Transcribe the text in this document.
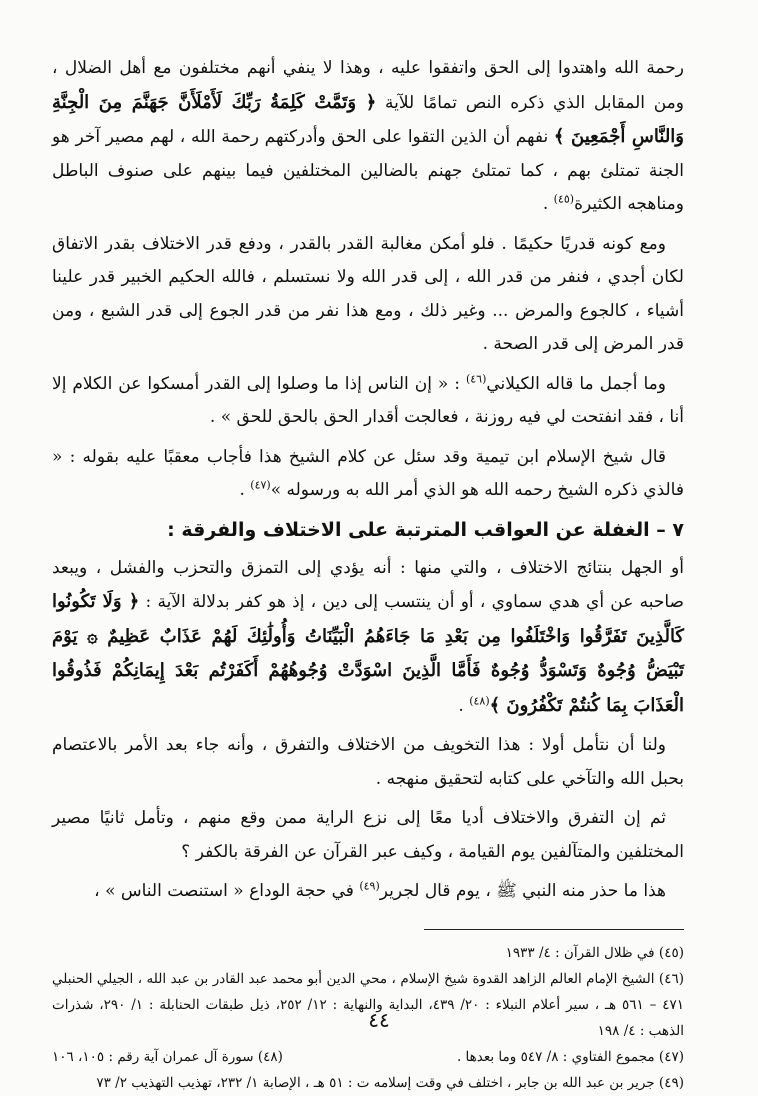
رحمة الله واهتدوا إلى الحق واتفقوا عليه ، وهذا لا ينفي أنهم مختلفون مع أهل الضلال ، ومن المقابل الذي ذكره النص تمامًا للآية ﴿ وَتَمَّتْ كَلِمَةُ رَبِّكَ لَأَمْلَأَنَّ جَهَنَّمَ مِنَ الْجِنَّةِ وَالنَّاسِ أَجْمَعِينَ ﴾ نفهم أن الذين التقوا على الحق وأدركتهم رحمة الله ، لهم مصير آخر هو الجنة تمتلئ بهم ، كما تمتلئ جهنم بالضالين المختلفين فيما بينهم على صنوف الباطل ومناهجه الكثيرة$^{(٤٥)}$ .

ومع كونه قدريًا حكيمًا . فلو أمكن مغالبة القدر بالقدر ، ودفع قدر الاختلاف بقدر الاتفاق لكان أجدي ، فنفر من قدر الله ، إلى قدر الله ولا نستسلم ، فالله الحكيم الخبير قدر علينا أشياء ، كالجوع والمرض ... وغير ذلك ، ومع هذا نفر من قدر الجوع إلى قدر الشبع ، ومن قدر المرض إلى قدر الصحة .

وما أجمل ما قاله الكيلاني$^{(٤٦)}$ : « إن الناس إذا ما وصلوا إلى القدر أمسكوا عن الكلام إلا أنا ، فقد انفتحت لي فيه روزنة ، فعالجت أقدار الحق بالحق للحق » .

قال شيخ الإسلام ابن تيمية وقد سئل عن كلام الشيخ هذا فأجاب معقبًا عليه بقوله : « فالذي ذكره الشيخ رحمه الله هو الذي أمر الله به ورسوله »$^{(٤٧)}$ .

٧ – الغفلة عن العواقب المترتبة على الاختلاف والفرقة :

أو الجهل بنتائج الاختلاف ، والتي منها : أنه يؤدي إلى التمزق والتحزب والفشل ، ويبعد صاحبه عن أي هدي سماوي ، أو أن ينتسب إلى دين ، إذ هو كفر بدلالة الآية : ﴿ وَلَا تَكُونُوا كَالَّذِينَ تَفَرَّقُوا وَاخْتَلَفُوا مِن بَعْدِ مَا جَاءَهُمُ الْبَيِّنَاتُ وَأُولَٰئِكَ لَهُمْ عَذَابٌ عَظِيمٌ ۞ يَوْمَ تَبْيَضُّ وُجُوهٌ وَتَسْوَدُّ وُجُوهٌ فَأَمَّا الَّذِينَ اسْوَدَّتْ وُجُوهُهُمْ أَكَفَرْتُم بَعْدَ إِيمَانِكُمْ فَذُوقُوا الْعَذَابَ بِمَا كُنتُمْ تَكْفُرُونَ ﴾$^{(٤٨)}$ .

ولنا أن نتأمل أولا : هذا التخويف من الاختلاف والتفرق ، وأنه جاء بعد الأمر بالاعتصام بحبل الله والتآخي على كتابه لتحقيق منهجه .

ثم إن التفرق والاختلاف أديا معًا إلى نزع الراية ممن وقع منهم ، وتأمل ثانيًا مصير المختلفين والمتآلفين يوم القيامة ، وكيف عبر القرآن عن الفرقة بالكفر ؟

هذا ما حذر منه النبي ﷺ ، يوم قال لجرير$^{(٤٩)}$ في حجة الوداع « استنصت الناس » ،

(٤٥) في ظلال القرآن : ٤/ ١٩٣٣

(٤٦) الشيخ الإمام العالم الزاهد القدوة شيخ الإسلام ، محي الدين أبو محمد عبد القادر بن عبد الله ، الجيلي الحنبلي ٤٧١ – ٥٦١ هـ ، سير أعلام النبلاء : ٢٠/ ٤٣٩، البداية والنهاية : ١٢/ ٢٥٢، ذيل طبقات الحنابلة : ١/ ٢٩٠، شذرات الذهب : ٤/ ١٩٨

(٤٧) مجموع الفتاوي : ٨/ ٥٤٧ وما بعدها .
(٤٨) سورة آل عمران آية رقم : ١٠٥، ١٠٦

(٤٩) جرير بن عبد الله بن جابر ، اختلف في وقت إسلامه ت : ٥١ هـ ، الإصابة ١/ ٢٣٢، تهذيب التهذيب ٢/ ٧٣

٤٤
